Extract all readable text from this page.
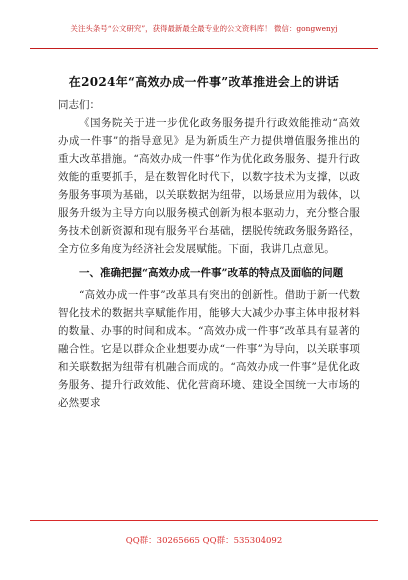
关注头条号“公文研究”，获得最新最全最专业的公文资料库！ 微信：gongwenyj
在2024年“高效办成一件事”改革推进会上的讲话

同志们：

《国务院关于进一步优化政务服务提升行政效能推动“高效办成一件事”的指导意见》是为新质生产力提供增值服务推出的重大改革措施。“高效办成一件事”作为优化政务服务、提升行政效能的重要抓手，是在数智化时代下，以数字技术为支撑，以政务服务事项为基础，以关联数据为纽带，以场景应用为载体，以服务升级为主导方向以服务模式创新为根本驱动力，充分整合服务技术创新资源和现有服务平台基础，摆脱传统政务服务路径，全方位多角度为经济社会发展赋能。下面，我讲几点意见。

一、准确把握“高效办成一件事”改革的特点及面临的问题

“高效办成一件事”改革具有突出的创新性。借助于新一代数智化技术的数据共享赋能作用，能够大大减少办事主体申报材料的数量、办事的时间和成本。“高效办成一件事”改革具有显著的融合性。它是以群众企业想要办成“一件事”为导向，以关联事项和关联数据为纽带有机融合而成的。“高效办成一件事”是优化政务服务、提升行政效能、优化营商环境、建设全国统一大市场的必然要求

QQ群：30265665 QQ群：535304092
